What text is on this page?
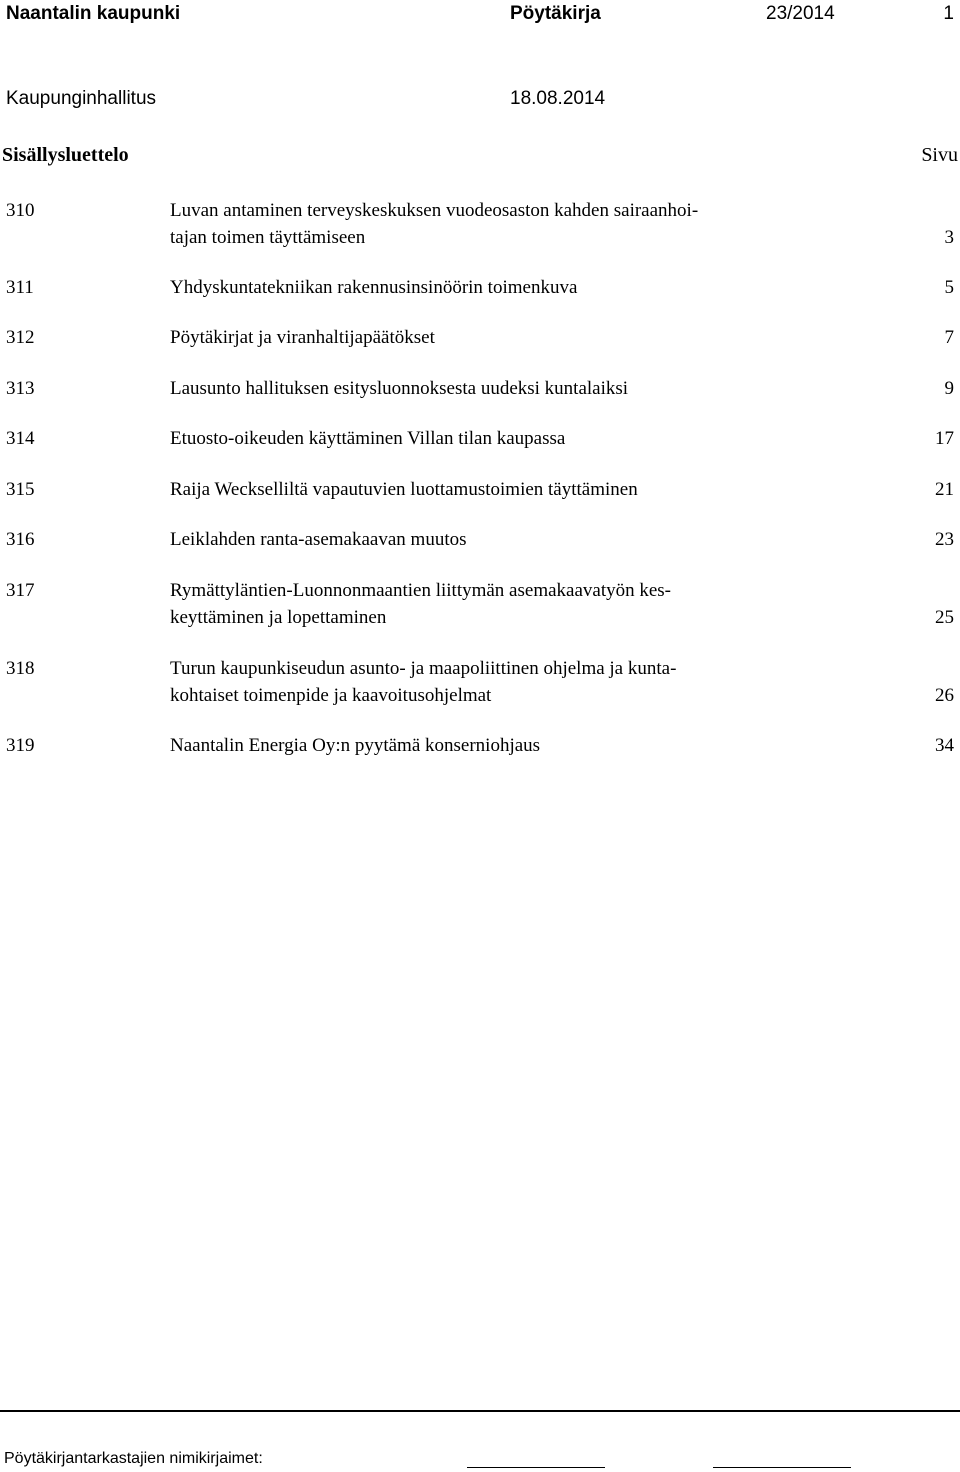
Naantalin kaupunki	Pöytäkirja	23/2014	1
Kaupunginhallitus	18.08.2014
Sisällysluettelo	Sivu
310	Luvan antaminen terveyskeskuksen vuodeosaston kahden sairaanhoi-
tajan toimen täyttämiseen	3
311	Yhdyskuntatekniikan rakennusinsinöörin toimenkuva	5
312	Pöytäkirjat ja viranhaltijapäätökset	7
313	Lausunto hallituksen esitysluonnoksesta uudeksi kuntalaiksi	9
314	Etuosto-oikeuden käyttäminen Villan tilan kaupassa	17
315	Raija Weckselliltä vapautuvien luottamustoimien täyttäminen	21
316	Leiklahden ranta-asemakaavan muutos	23
317	Rymättyläntien-Luonnonmaantien liittymän asemakaavatyön kes-
keyttäminen ja lopettaminen	25
318	Turun kaupunkiseudun asunto- ja maapoliittinen ohjelma ja kunta-
kohtaiset toimenpide ja kaavoitusohjelmat	26
319	Naantalin Energia Oy:n pyytämä konserniohjaus	34
Pöytäkirjantarkastajien nimikirjaimet:
